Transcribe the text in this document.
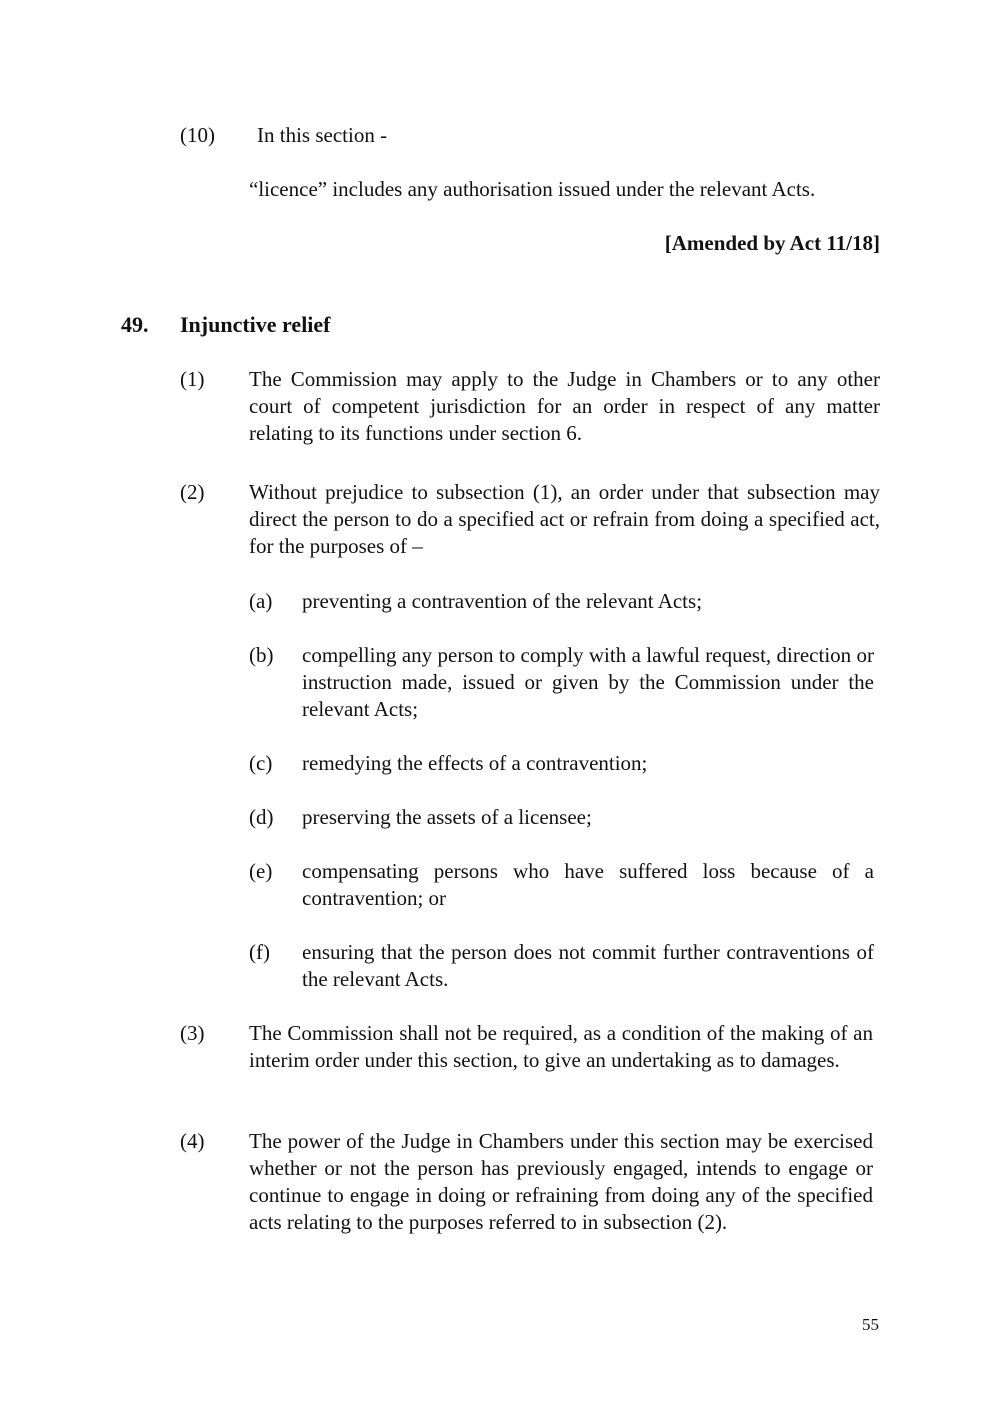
(10) In this section -
“licence” includes any authorisation issued under the relevant Acts.
[Amended by Act 11/18]
49. Injunctive relief
(1) The Commission may apply to the Judge in Chambers or to any other court of competent jurisdiction for an order in respect of any matter relating to its functions under section 6.
(2) Without prejudice to subsection (1), an order under that subsection may direct the person to do a specified act or refrain from doing a specified act, for the purposes of –
(a) preventing a contravention of the relevant Acts;
(b) compelling any person to comply with a lawful request, direction or instruction made, issued or given by the Commission under the relevant Acts;
(c) remedying the effects of a contravention;
(d) preserving the assets of a licensee;
(e) compensating persons who have suffered loss because of a contravention; or
(f) ensuring that the person does not commit further contraventions of the relevant Acts.
(3) The Commission shall not be required, as a condition of the making of an interim order under this section, to give an undertaking as to damages.
(4) The power of the Judge in Chambers under this section may be exercised whether or not the person has previously engaged, intends to engage or continue to engage in doing or refraining from doing any of the specified acts relating to the purposes referred to in subsection (2).
55
